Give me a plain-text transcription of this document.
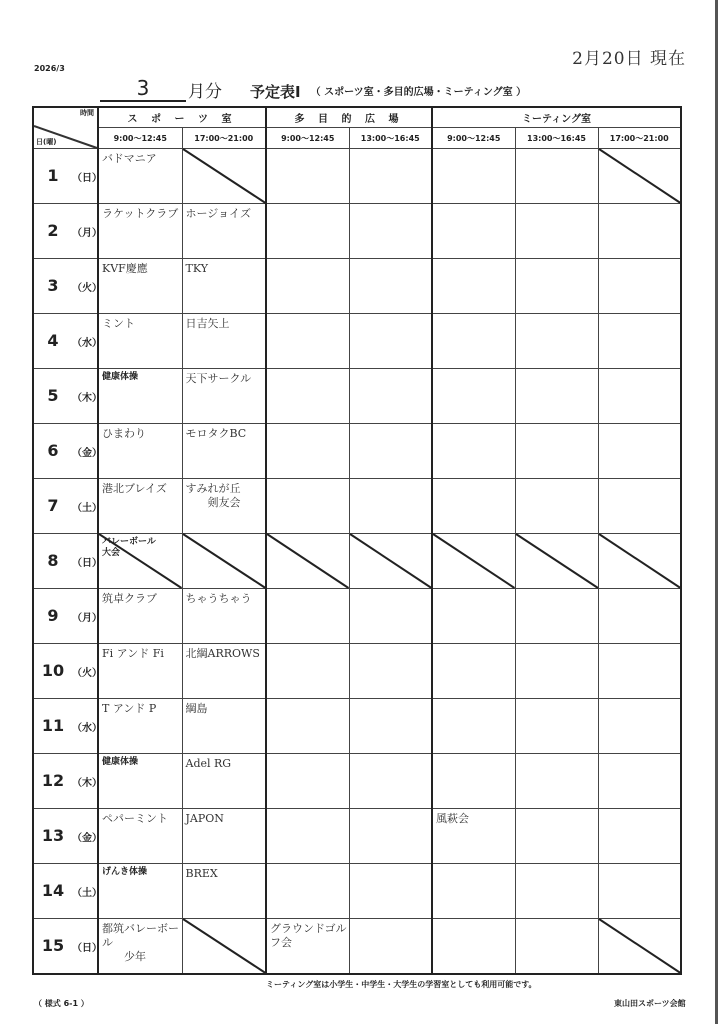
2026/3	2月20日 現在
3	月分 予定表Ⅰ （ スポーツ室・多目的広場・ミーティング室 ）
時間
日(曜)	ス ポ ー ツ 室		多 目 的 広 場		ミーティング室		
	9:00～12:45	17:00～21:00	9:00～12:45	13:00～16:45	9:00～12:45	13:00～16:45	17:00～21:00

1 （日）	バドマニア

2 （月）	ラケットクラブ	ホージョイズ					

3 （火）	KVF慶應	TKY					

4 （水）	ミント	日吉矢上					

5 （木）	健康体操	天下サークル					

6 （金）	ひまわり	モロタクBC					

7 （土）	港北ブレイズ	すみれが丘
　　剣友会					

8 （日）	バレーボール
大会

9 （月）	筑卓クラブ	ちゃうちゃう					

10 （火）	Fi アンド Fi	北綱ARROWS					

11 （水）	T アンド P	綱島					

12 （木）	健康体操	Adel RG					

13 （金）	ペパーミント	JAPON			風萩会		

14 （土）	げんき体操	BREX					

15 （日）	都筑バレーボール
　　少年		グラウンドゴルフ会

ミーティング室は小学生・中学生・大学生の学習室としても利用可能です。
（ 様式 6-1 ）	東山田スポーツ会館
